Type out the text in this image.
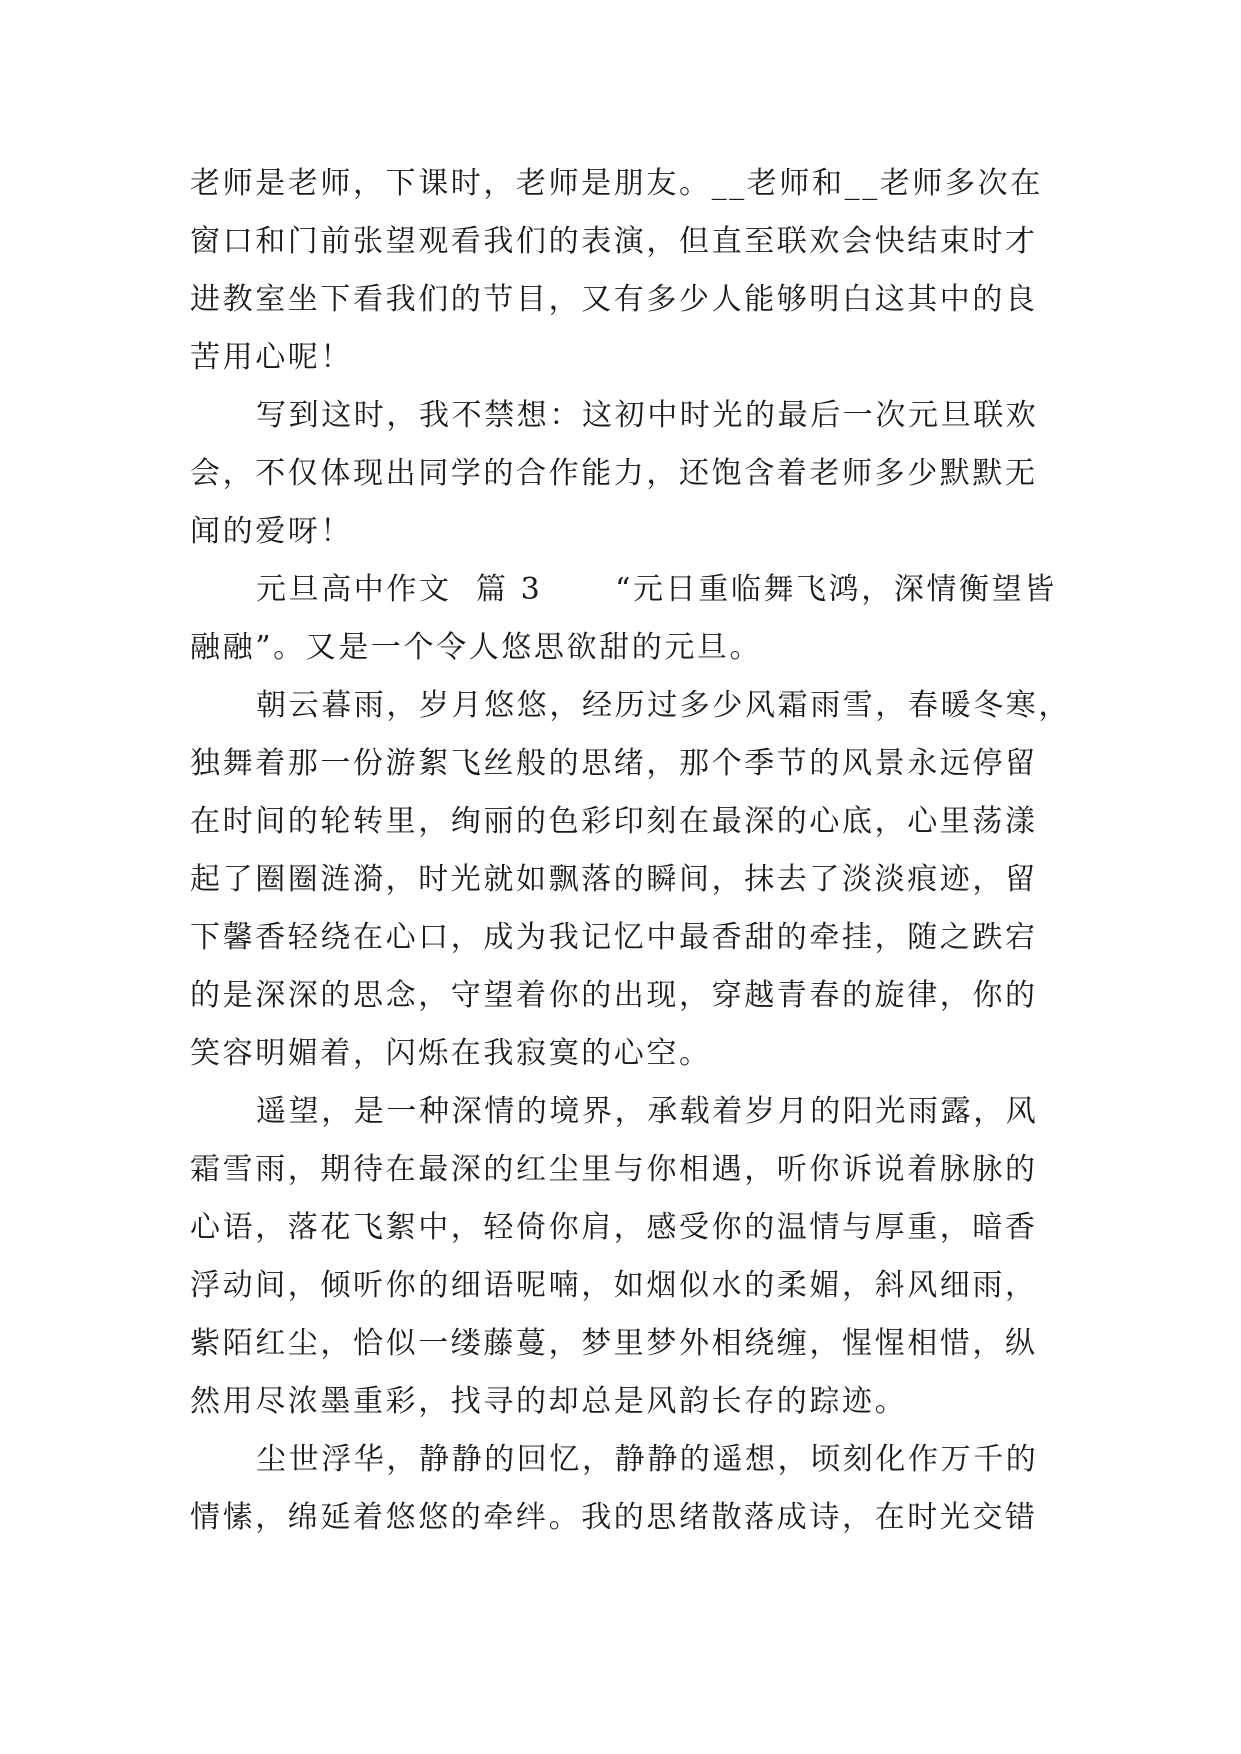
老师是老师，下课时，老师是朋友。__老师和__老师多次在
窗口和门前张望观看我们的表演，但直至联欢会快结束时才
进教室坐下看我们的节目，又有多少人能够明白这其中的良
苦用心呢！
写到这时，我不禁想：这初中时光的最后一次元旦联欢
会，不仅体现出同学的合作能力，还饱含着老师多少默默无
闻的爱呀！
元旦高中作文  篇 3      “元日重临舞飞鸿，深情衡望皆
融融”。又是一个令人悠思欲甜的元旦。
朝云暮雨，岁月悠悠，经历过多少风霜雨雪，春暖冬寒，
独舞着那一份游絮飞丝般的思绪，那个季节的风景永远停留
在时间的轮转里，绚丽的色彩印刻在最深的心底，心里荡漾
起了圈圈涟漪，时光就如飘落的瞬间，抹去了淡淡痕迹，留
下馨香轻绕在心口，成为我记忆中最香甜的牵挂，随之跌宕
的是深深的思念，守望着你的出现，穿越青春的旋律，你的
笑容明媚着，闪烁在我寂寞的心空。
遥望，是一种深情的境界，承载着岁月的阳光雨露，风
霜雪雨，期待在最深的红尘里与你相遇，听你诉说着脉脉的
心语，落花飞絮中，轻倚你肩，感受你的温情与厚重，暗香
浮动间，倾听你的细语呢喃，如烟似水的柔媚，斜风细雨，
紫陌红尘，恰似一缕藤蔓，梦里梦外相绕缠，惺惺相惜，纵
然用尽浓墨重彩，找寻的却总是风韵长存的踪迹。
尘世浮华，静静的回忆，静静的遥想，顷刻化作万千的
情愫，绵延着悠悠的牵绊。我的思绪散落成诗，在时光交错
